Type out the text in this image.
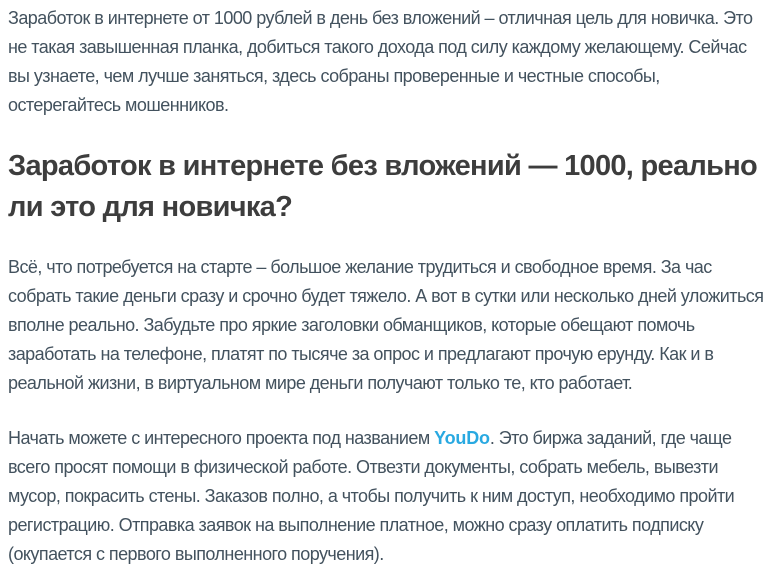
Заработок в интернете от 1000 рублей в день без вложений – отличная цель для новичка. Это не такая завышенная планка, добиться такого дохода под силу каждому желающему. Сейчас вы узнаете, чем лучше заняться, здесь собраны проверенные и честные способы, остерегайтесь мошенников.

Заработок в интернете без вложений — 1000, реально ли это для новичка?

Всё, что потребуется на старте – большое желание трудиться и свободное время. За час собрать такие деньги сразу и срочно будет тяжело. А вот в сутки или несколько дней уложиться вполне реально. Забудьте про яркие заголовки обманщиков, которые обещают помочь заработать на телефоне, платят по тысяче за опрос и предлагают прочую ерунду. Как и в реальной жизни, в виртуальном мире деньги получают только те, кто работает.

Начать можете с интересного проекта под названием YouDo. Это биржа заданий, где чаще всего просят помощи в физической работе. Отвезти документы, собрать мебель, вывезти мусор, покрасить стены. Заказов полно, а чтобы получить к ним доступ, необходимо пройти регистрацию. Отправка заявок на выполнение платное, можно сразу оплатить подписку (окупается с первого выполненного поручения).
